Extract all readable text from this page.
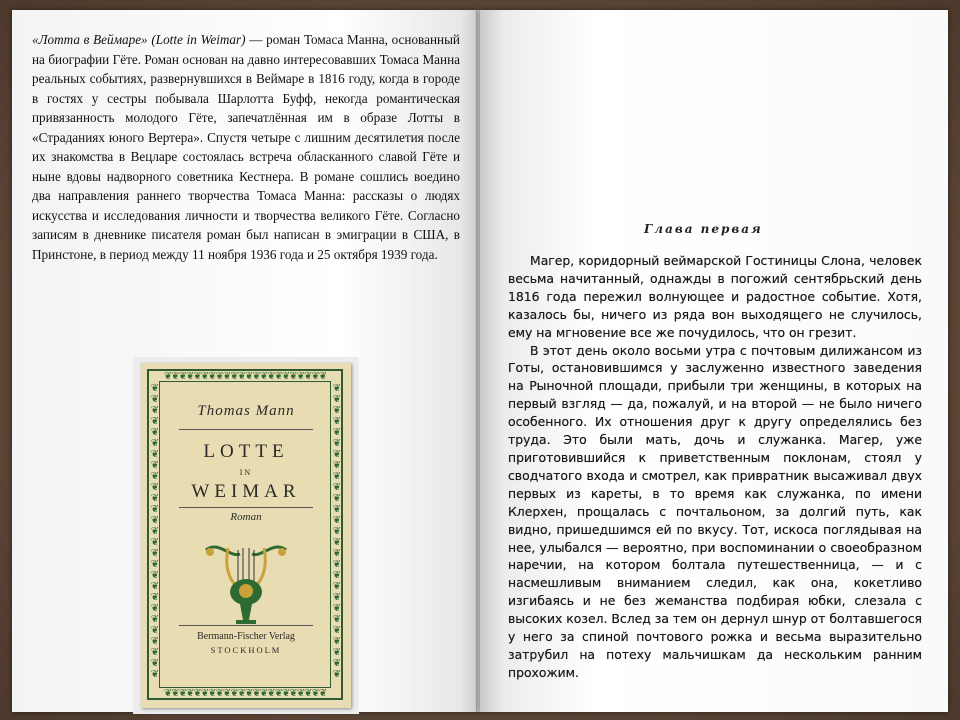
«Лотта в Веймаре» (Lotte in Weimar) — роман Томаса Манна, основанный на биографии Гёте. Роман основан на давно интересовавших Томаса Манна реальных событиях, развернувшихся в Веймаре в 1816 году, когда в городе в гостях у сестры побывала Шарлотта Буфф, некогда романтическая привязанность молодого Гёте, запечатлённая им в образе Лотты в «Страданиях юного Вертера». Спустя четыре с лишним десятилетия после их знакомства в Вецларе состоялась встреча обласканного славой Гёте и ныне вдовы надворного советника Кестнера. В романе сошлись воедино два направления раннего творчества Томаса Манна: рассказы о людях искусства и исследования личности и творчества великого Гёте. Согласно записям в дневнике писателя роман был написан в эмиграции в США, в Принстоне, в период между 11 ноября 1936 года и 25 октября 1939 года.

❦❦❦❦❦❦❦❦❦❦❦❦❦❦❦❦❦❦❦❦❦❦
❦❦❦❦❦❦❦❦❦❦❦❦❦❦❦❦❦❦❦❦❦❦
❦❦❦❦❦❦❦❦❦❦❦❦❦❦❦❦❦❦❦❦❦❦❦❦❦❦❦
❦❦❦❦❦❦❦❦❦❦❦❦❦❦❦❦❦❦❦❦❦❦❦❦❦❦❦
Thomas Mann
LOTTE
IN
WEIMAR
Roman
Bermann-Fischer Verlag
STOCKHOLM
Глава первая

Магер, коридорный веймарской Гостиницы Слона, человек весьма начитанный, однажды в погожий сентябрьский день 1816 года пережил волнующее и радостное событие. Хотя, казалось бы, ничего из ряда вон выходящего не случилось, ему на мгновение все же почудилось, что он грезит.

В этот день около восьми утра с почтовым дилижансом из Готы, остановившимся у заслуженно известного заведения на Рыночной площади, прибыли три женщины, в которых на первый взгляд — да, пожалуй, и на второй — не было ничего особенного. Их отношения друг к другу определялись без труда. Это были мать, дочь и служанка. Магер, уже приготовившийся к приветственным поклонам, стоял у сводчатого входа и смотрел, как привратник высаживал двух первых из кареты, в то время как служанка, по имени Клерхен, прощалась с почтальоном, за долгий путь, как видно, пришедшимся ей по вкусу. Тот, искоса поглядывая на нее, улыбался — вероятно, при воспоминании о своеобразном наречии, на котором болтала путешественница, — и с насмешливым вниманием следил, как она, кокетливо изгибаясь и не без жеманства подбирая юбки, слезала с высоких козел. Вслед за тем он дернул шнур от болтавшегося у него за спиной почтового рожка и весьма выразительно затрубил на потеху мальчишкам да нескольким ранним прохожим.
